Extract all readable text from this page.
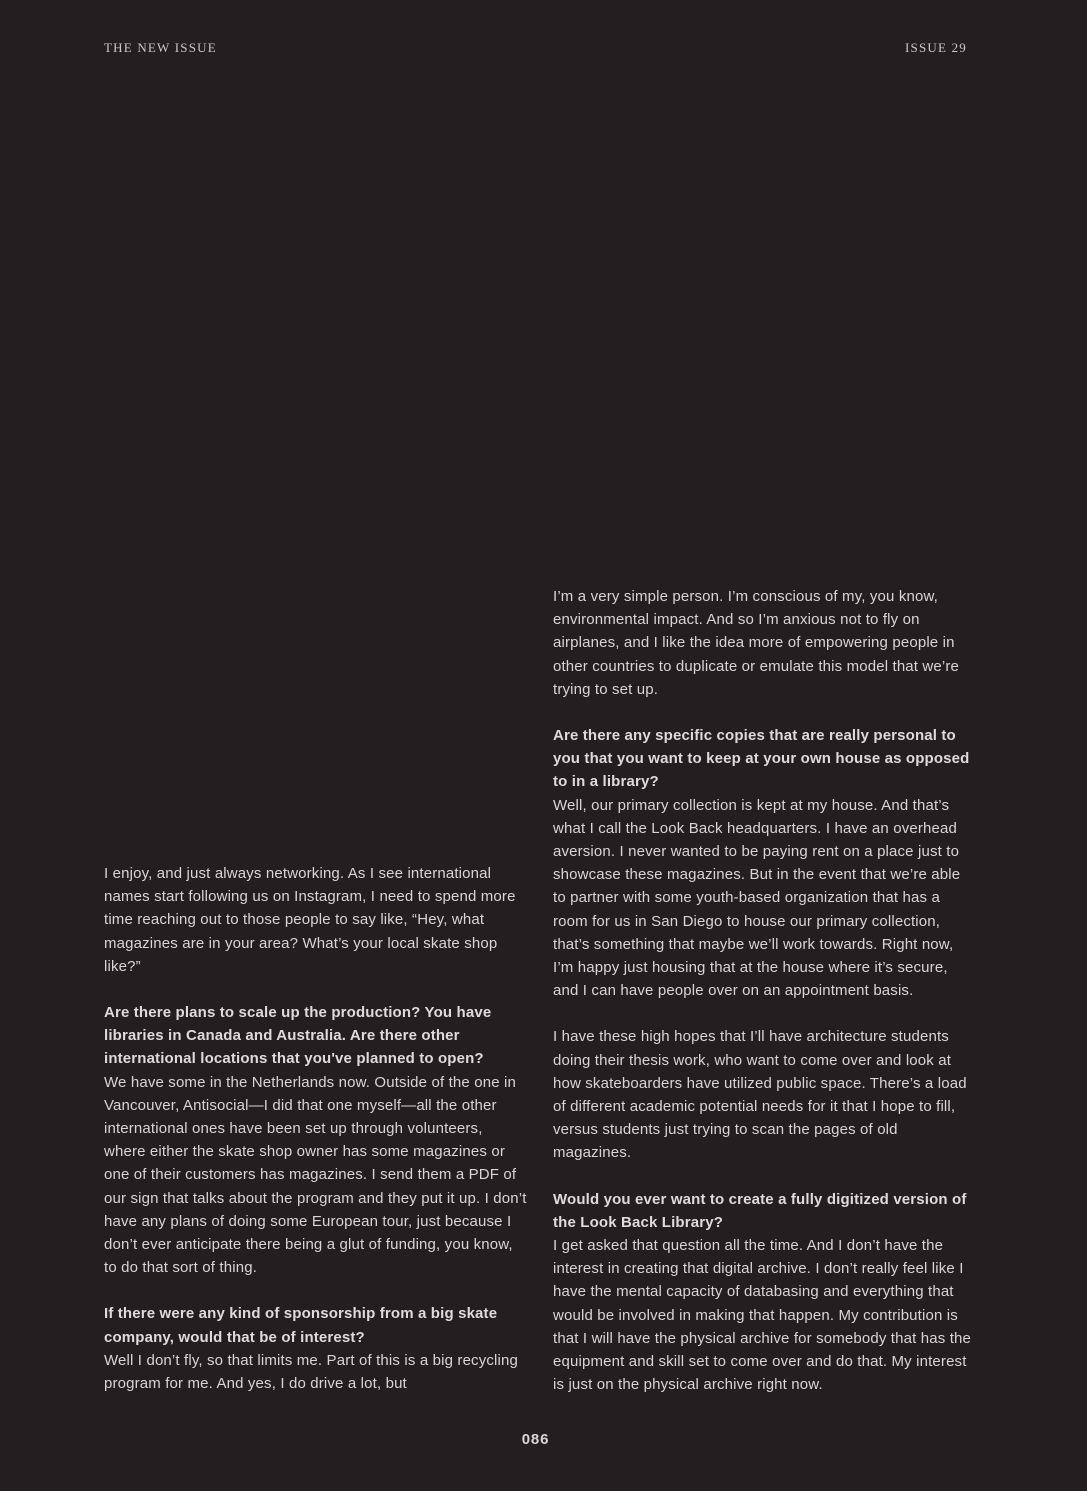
THE NEW ISSUE	ISSUE 29

I enjoy, and just always networking. As I see international names start following us on Instagram, I need to spend more time reaching out to those people to say like, “Hey, what magazines are in your area? What’s your local skate shop like?”

Are there plans to scale up the production? You have libraries in Canada and Australia. Are there other international locations that you've planned to open?

We have some in the Netherlands now. Outside of the one in Vancouver, Antisocial—I did that one myself—all the other international ones have been set up through volunteers, where either the skate shop owner has some magazines or one of their customers has magazines. I send them a PDF of our sign that talks about the program and they put it up. I don’t have any plans of doing some European tour, just because I don’t ever anticipate there being a glut of funding, you know, to do that sort of thing.

If there were any kind of sponsorship from a big skate company, would that be of interest?

Well I don’t fly, so that limits me. Part of this is a big recycling program for me. And yes, I do drive a lot, but

I’m a very simple person. I’m conscious of my, you know, environmental impact. And so I’m anxious not to fly on airplanes, and I like the idea more of empowering people in other countries to duplicate or emulate this model that we’re trying to set up.

Are there any specific copies that are really personal to you that you want to keep at your own house as opposed to in a library?

Well, our primary collection is kept at my house. And that’s what I call the Look Back headquarters. I have an overhead aversion. I never wanted to be paying rent on a place just to showcase these magazines. But in the event that we’re able to partner with some youth-based organization that has a room for us in San Diego to house our primary collection, that’s something that maybe we’ll work towards. Right now, I’m happy just housing that at the house where it’s secure, and I can have people over on an appointment basis.

I have these high hopes that I’ll have architecture students doing their thesis work, who want to come over and look at how skateboarders have utilized public space. There’s a load of different academic potential needs for it that I hope to fill, versus students just trying to scan the pages of old magazines.

Would you ever want to create a fully digitized version of the Look Back Library?

I get asked that question all the time. And I don’t have the interest in creating that digital archive. I don’t really feel like I have the mental capacity of databasing and everything that would be involved in making that happen. My contribution is that I will have the physical archive for somebody that has the equipment and skill set to come over and do that. My interest is just on the physical archive right now.

086
